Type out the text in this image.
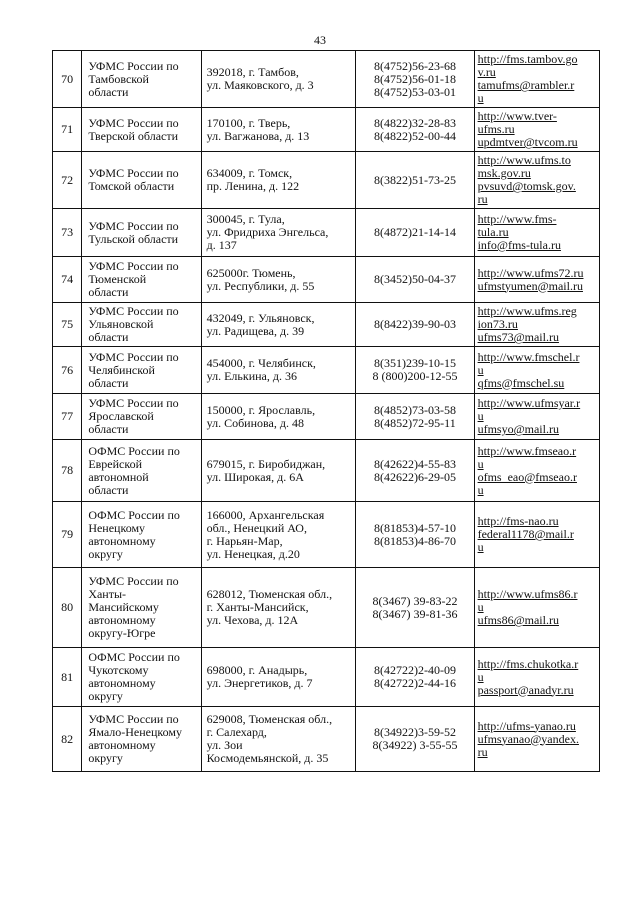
43
70	УФМС России по
Тамбовской
области	392018, г. Тамбов,
ул. Маяковского, д. 3	8(4752)56-23-68
8(4752)56-01-18
8(4752)53-03-01	http://fms.tambov.go
v.ru
tamufms@rambler.r
u

71	УФМС России по
Тверской области	170100, г. Тверь,
ул. Вагжанова, д. 13	8(4822)32-28-83
8(4822)52-00-44	http://www.tver-
ufms.ru
updmtver@tvcom.ru

72	УФМС России по
Томской области	634009, г. Томск,
пр. Ленина, д. 122	8(3822)51-73-25	http://www.ufms.to
msk.gov.ru
pvsuvd@tomsk.gov.
ru

73	УФМС России по
Тульской области	300045, г. Тула,
ул. Фридриха Энгельса,
д. 137	8(4872)21-14-14	http://www.fms-
tula.ru
info@fms-tula.ru

74	УФМС России по
Тюменской
области	625000г. Тюмень,
ул. Республики, д. 55	8(3452)50-04-37	http://www.ufms72.ru
ufmstyumen@mail.ru

75	УФМС России по
Ульяновской
области	432049, г. Ульяновск,
ул. Радищева, д. 39	8(8422)39-90-03	http://www.ufms.reg
ion73.ru
ufms73@mail.ru

76	УФМС России по
Челябинской
области	454000, г. Челябинск,
ул. Елькина, д. 36	8(351)239-10-15
8 (800)200-12-55	http://www.fmschel.r
u
qfms@fmschel.su

77	УФМС России по
Ярославской
области	150000, г. Ярославль,
ул. Собинова, д. 48	8(4852)73-03-58
8(4852)72-95-11	http://www.ufmsyar.r
u
ufmsyo@mail.ru

78	ОФМС России по
Еврейской
автономной
области	679015, г. Биробиджан,
ул. Широкая, д. 6А	8(42622)4-55-83
8(42622)6-29-05	http://www.fmseao.r
u
ofms_eao@fmseao.r
u

79	ОФМС России по
Ненецкому
автономному
округу	166000, Архангельская
обл., Ненецкий АО,
г. Нарьян-Мар,
ул. Ненецкая, д.20	8(81853)4-57-10
8(81853)4-86-70	http://fms-nao.ru
federal1178@mail.r
u

80	УФМС России по
Ханты-
Мансийскому
автономному
округу-Югре	628012, Тюменская обл.,
г. Ханты-Мансийск,
ул. Чехова, д. 12А	8(3467) 39-83-22
8(3467) 39-81-36	http://www.ufms86.r
u
ufms86@mail.ru

81	ОФМС России по
Чукотскому
автономному
округу	698000, г. Анадырь,
ул. Энергетиков, д. 7	8(42722)2-40-09
8(42722)2-44-16	http://fms.chukotka.r
u
passport@anadyr.ru

82	УФМС России по
Ямало-Ненецкому
автономному
округу	629008, Тюменская обл.,
г. Салехард,
ул. Зои
Космодемьянской, д. 35	8(34922)3-59-52
8(34922) 3-55-55	http://ufms-yanao.ru
ufmsyanao@yandex.
ru
